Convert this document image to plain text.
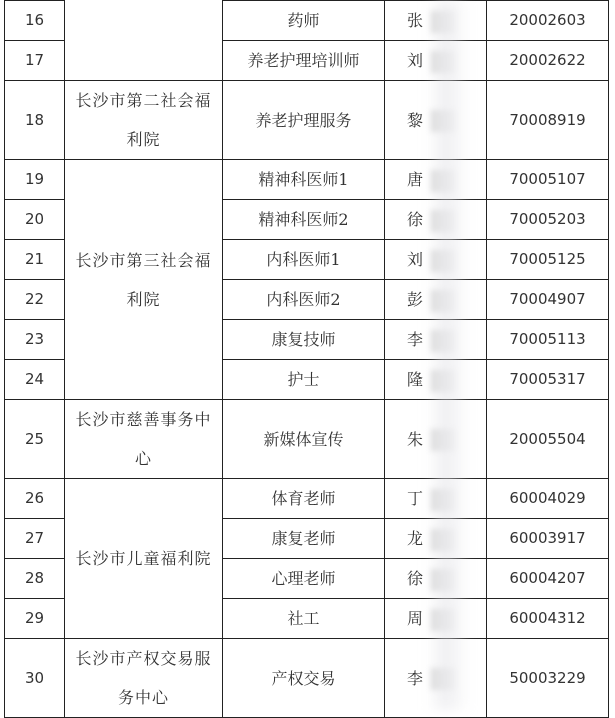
16		药师	张	20002603
17		养老护理培训师	刘	20002622
18	长沙市第二社会福利院	养老护理服务	黎	70008919
19	长沙市第三社会福利院	精神科医师1	唐	70005107
20		精神科医师2	徐	70005203
21		内科医师1	刘	70005125
22		内科医师2	彭	70004907
23		康复技师	李	70005113
24		护士	隆	70005317
25	长沙市慈善事务中心	新媒体宣传	朱	20005504
26	长沙市儿童福利院	体育老师	丁	60004029
27		康复老师	龙	60003917
28		心理老师	徐	60004207
29		社工	周	60004312
30	长沙市产权交易服务中心	产权交易	李	50003229
